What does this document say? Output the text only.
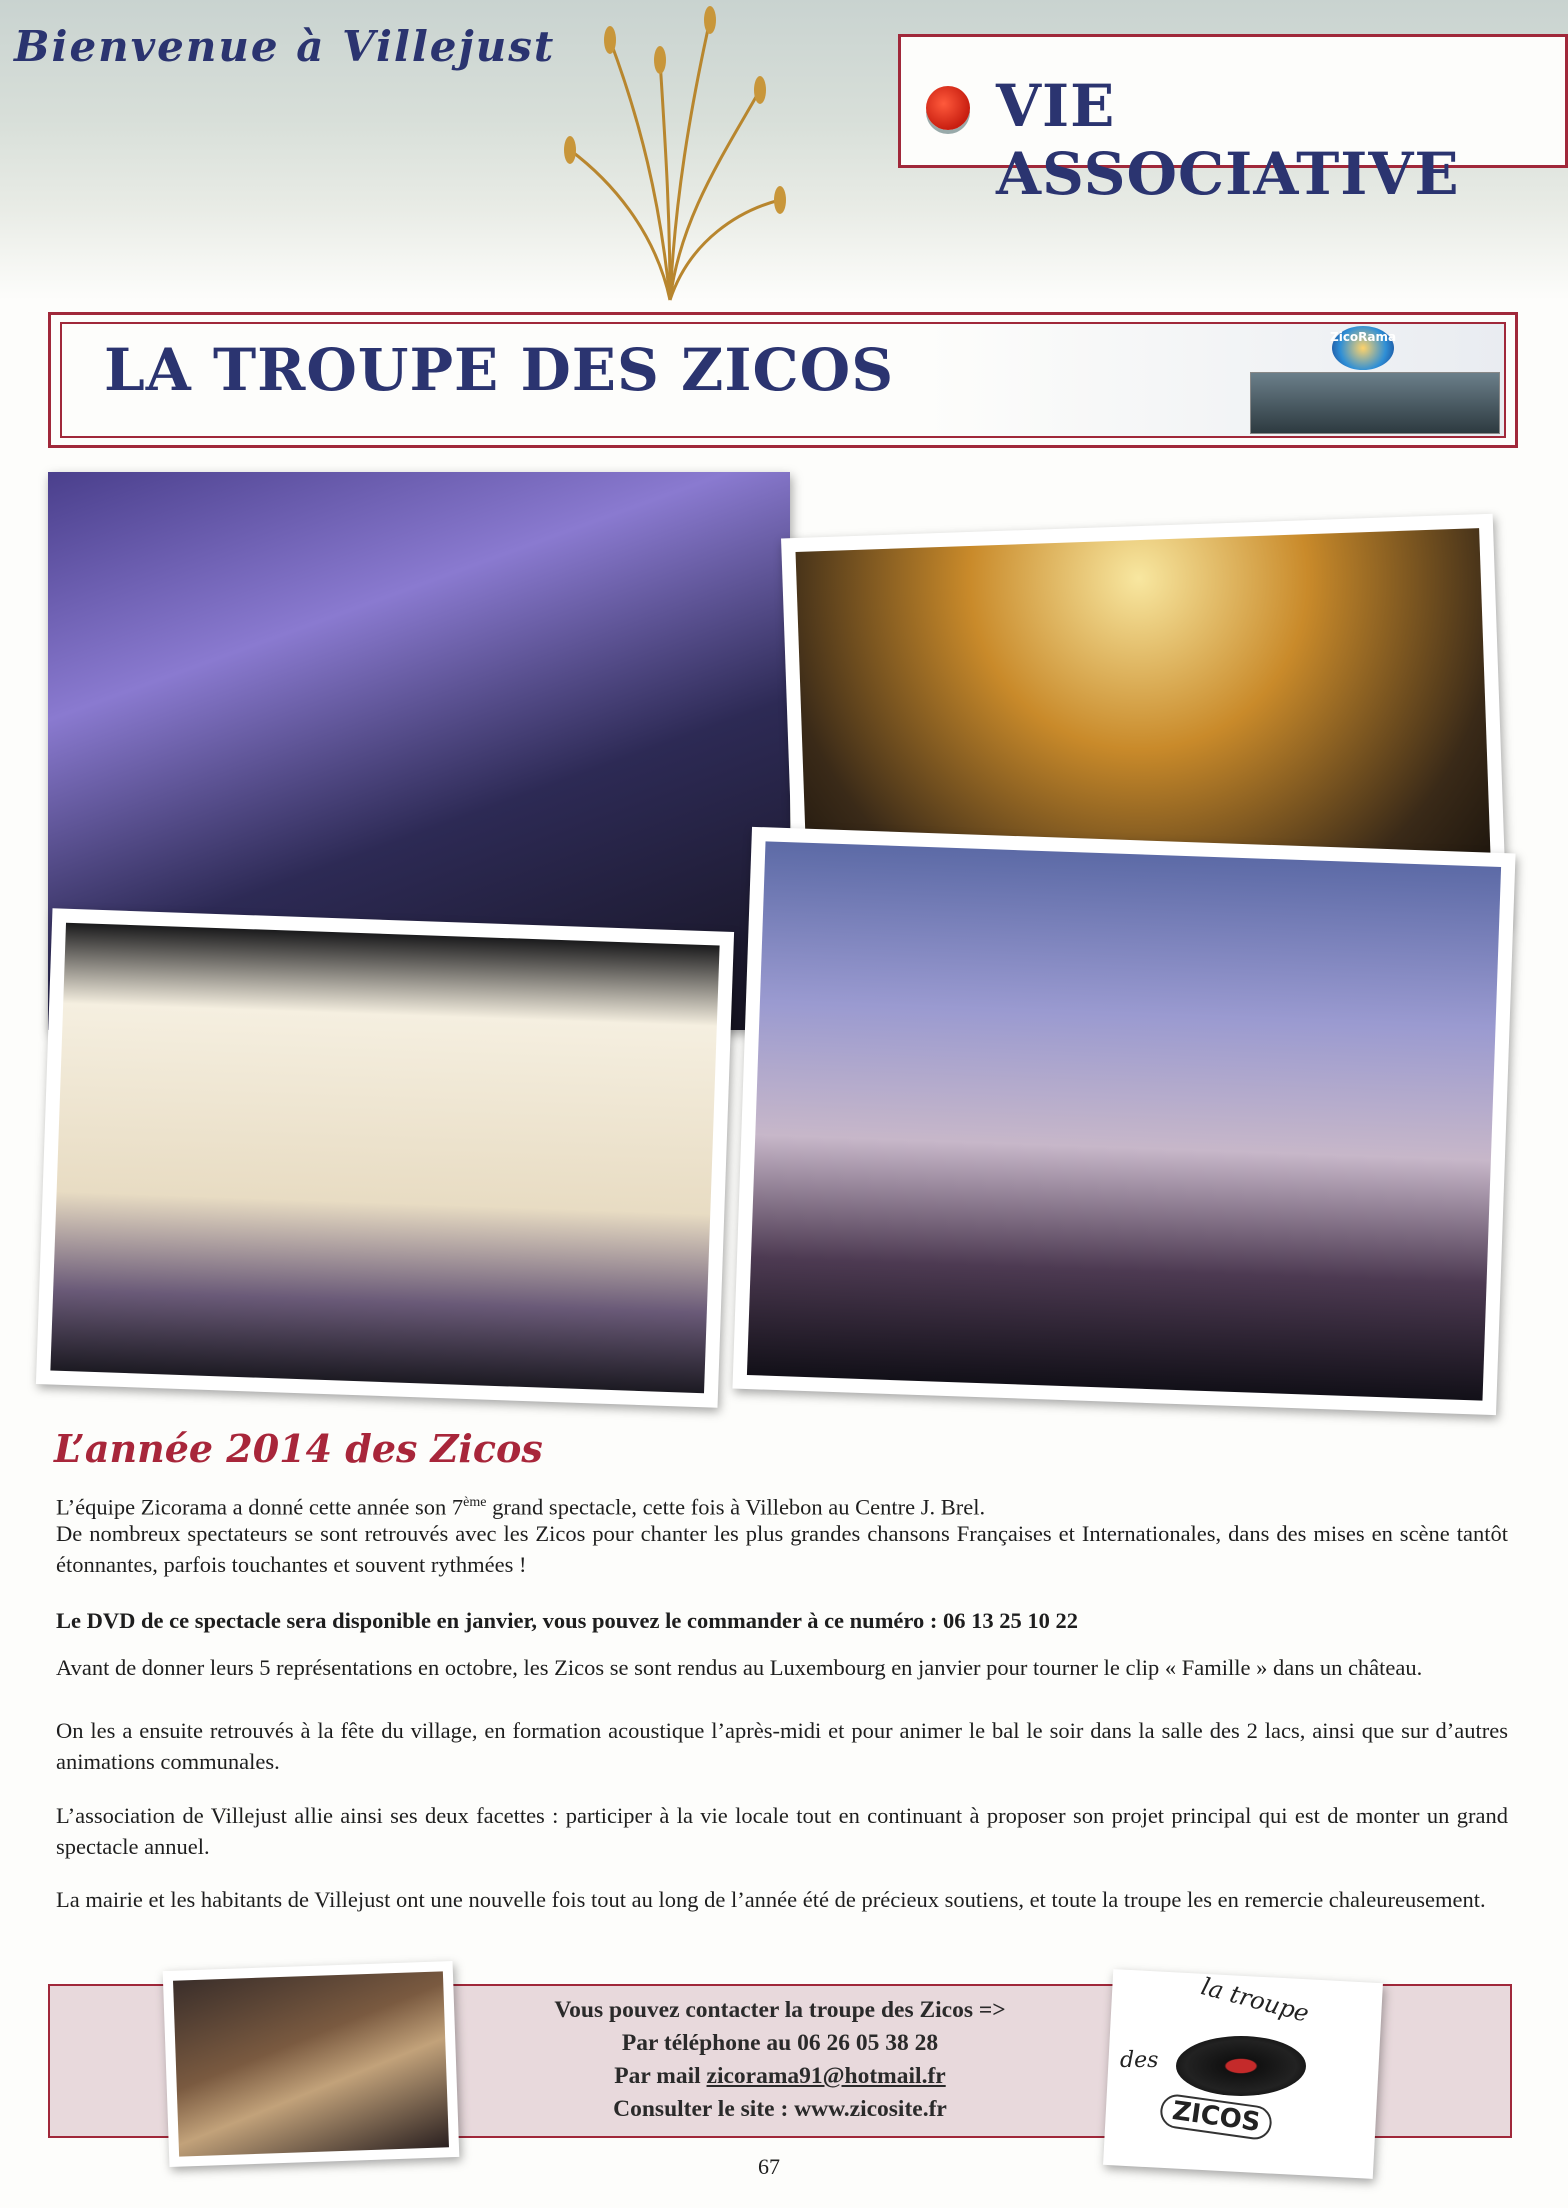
Bienvenue à Villejust
VIE ASSOCIATIVE
LA TROUPE DES ZICOS	ZicoRama
L’année 2014 des Zicos
L’équipe Zicorama a donné cette année son 7ème grand spectacle, cette fois à Villebon au Centre J. Brel.
De nombreux spectateurs se sont retrouvés avec les Zicos pour chanter les plus grandes chansons Françaises et Internationales, dans des mises en scène tantôt étonnantes, parfois touchantes et souvent rythmées !
Le DVD de ce spectacle sera disponible en janvier, vous pouvez le commander à ce numéro : 06 13 25 10 22
Avant de donner leurs 5 représentations en octobre, les Zicos se sont rendus au Luxembourg en janvier pour tourner le clip « Famille » dans un château.
On les a ensuite retrouvés à la fête du village, en formation acoustique l’après-midi et pour animer le bal le soir dans la salle des 2 lacs, ainsi que sur d’autres animations communales.
L’association de Villejust allie ainsi ses deux facettes : participer à la vie locale tout en continuant à proposer son projet principal qui est de monter un grand spectacle annuel.
La mairie et les habitants de Villejust ont une nouvelle fois tout au long de l’année été de précieux soutiens, et toute la troupe les en remercie chaleureusement.
Vous pouvez contacter la troupe des Zicos =>
Par téléphone au 06 26 05 38 28
Par mail zicorama91@hotmail.fr
Consulter le site : www.zicosite.fr
la troupe
des
ZICOS
67
